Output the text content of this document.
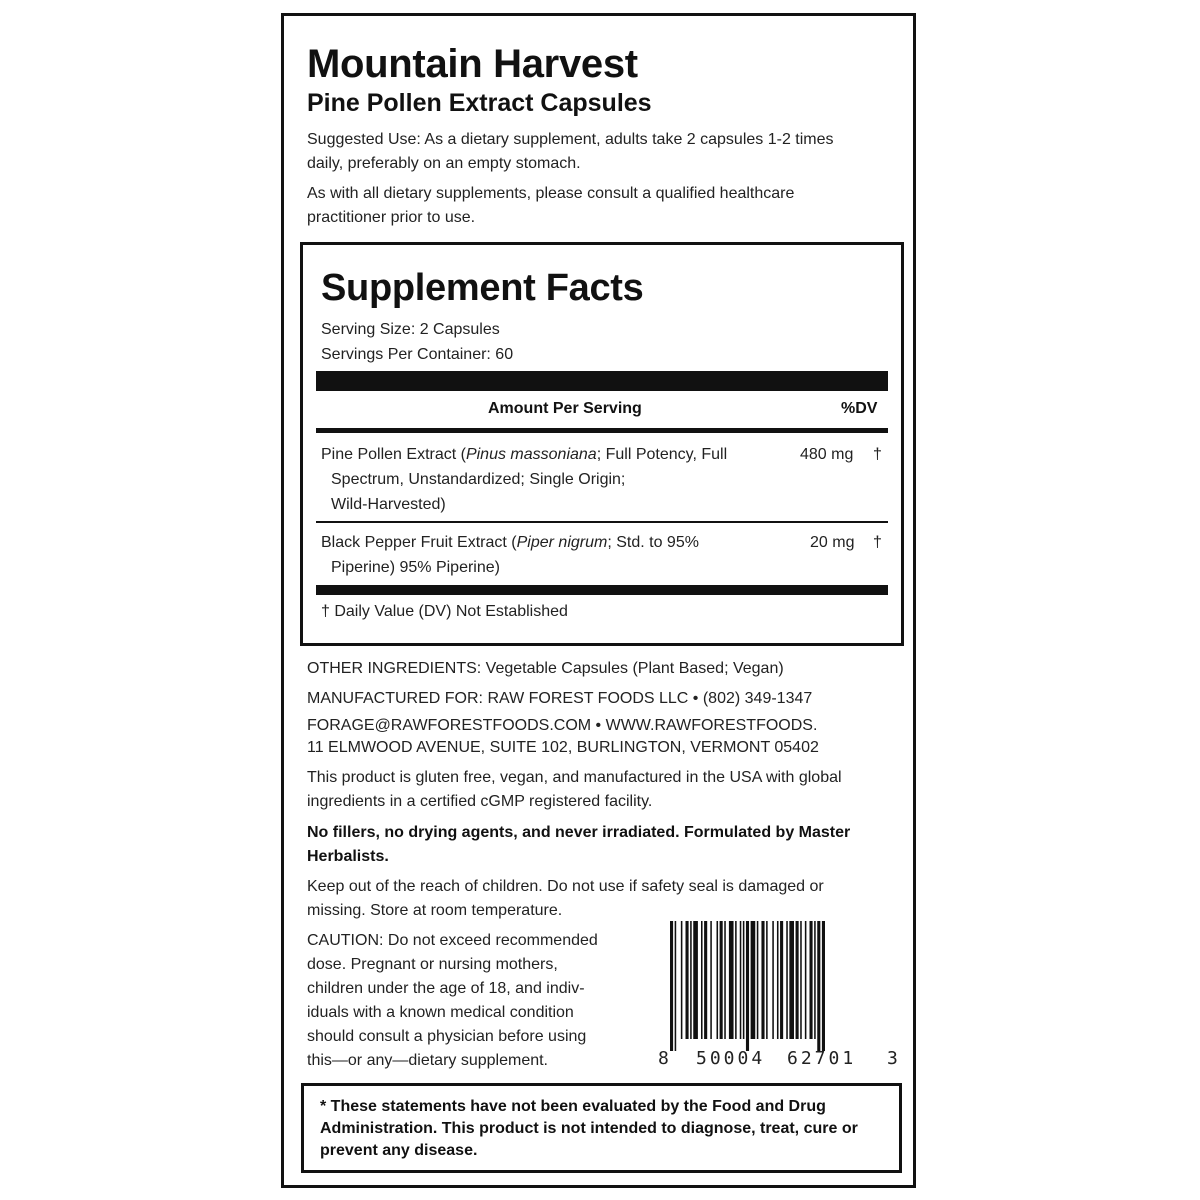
Mountain Harvest
Pine Pollen Extract Capsules
Suggested Use: As a dietary supplement, adults take 2 capsules 1-2 times daily, preferably on an empty stomach.
As with all dietary supplements, please consult a qualified healthcare practitioner prior to use.
Supplement Facts
Serving Size: 2 Capsules
Servings Per Container: 60
Amount Per Serving	%DV
Pine Pollen Extract (Pinus massoniana; Full Potency, Full
Spectrum, Unstandardized; Single Origin;
Wild-Harvested)
480 mg †
Black Pepper Fruit Extract (Piper nigrum; Std. to 95%
Piperine) 95% Piperine)
20 mg †
† Daily Value (DV) Not Established
OTHER INGREDIENTS: Vegetable Capsules (Plant Based; Vegan)
MANUFACTURED FOR: RAW FOREST FOODS LLC • (802) 349-1347
FORAGE@RAWFORESTFOODS.COM • WWW.RAWFORESTFOODS.
11 ELMWOOD AVENUE, SUITE 102, BURLINGTON, VERMONT 05402
This product is gluten free, vegan, and manufactured in the USA with global ingredients in a certified cGMP registered facility.
No fillers, no drying agents, and never irradiated. Formulated by Master Herbalists.
Keep out of the reach of children. Do not use if safety seal is damaged or missing. Store at room temperature.
CAUTION: Do not exceed recommended
dose. Pregnant or nursing mothers,
children under the age of 18, and indiv-
iduals with a known medical condition
should consult a physician before using
this—or any—dietary supplement.	8 50004 62701 3
* These statements have not been evaluated by the Food and Drug Administration. This product is not intended to diagnose, treat, cure or prevent any disease.
